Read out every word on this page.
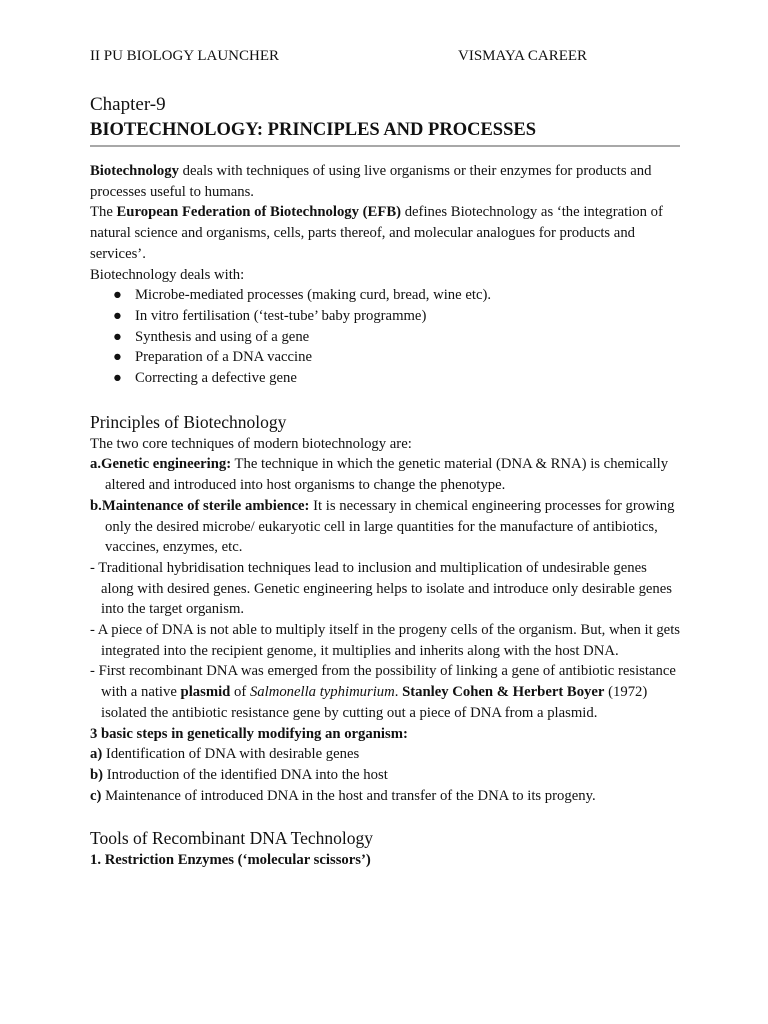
II PU BIOLOGY LAUNCHER	VISMAYA CAREER
Chapter-9
BIOTECHNOLOGY: PRINCIPLES AND PROCESSES

Biotechnology deals with techniques of using live organisms or their enzymes for products and processes useful to humans.

The European Federation of Biotechnology (EFB) defines Biotechnology as ‘the integration of natural science and organisms, cells, parts thereof, and molecular analogues for products and services’.

Biotechnology deals with:

● Microbe-mediated processes (making curd, bread, wine etc).
● In vitro fertilisation (‘test-tube’ baby programme)
● Synthesis and using of a gene
● Preparation of a DNA vaccine
● Correcting a defective gene
Principles of Biotechnology

The two core techniques of modern biotechnology are:

a.Genetic engineering: The technique in which the genetic material (DNA & RNA) is chemically altered and introduced into host organisms to change the phenotype.

b.Maintenance of sterile ambience: It is necessary in chemical engineering processes for growing only the desired microbe/ eukaryotic cell in large quantities for the manufacture of antibiotics, vaccines, enzymes, etc.

- Traditional hybridisation techniques lead to inclusion and multiplication of undesirable genes along with desired genes. Genetic engineering helps to isolate and introduce only desirable genes into the target organism.

- A piece of DNA is not able to multiply itself in the progeny cells of the organism. But, when it gets integrated into the recipient genome, it multiplies and inherits along with the host DNA.

- First recombinant DNA was emerged from the possibility of linking a gene of antibiotic resistance with a native plasmid of Salmonella typhimurium. Stanley Cohen & Herbert Boyer (1972) isolated the antibiotic resistance gene by cutting out a piece of DNA from a plasmid.

3 basic steps in genetically modifying an organism:

a) Identification of DNA with desirable genes

b) Introduction of the identified DNA into the host

c) Maintenance of introduced DNA in the host and transfer of the DNA to its progeny.

Tools of Recombinant DNA Technology

1. Restriction Enzymes (‘molecular scissors’)
